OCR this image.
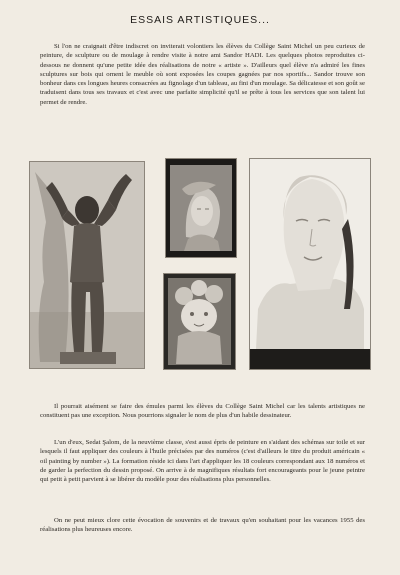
ESSAIS ARTISTIQUES...

Si l'on ne craignait d'être indiscret on inviterait volontiers les élèves du Collège Saint Michel un peu curieux de peinture, de sculpture ou de moulage à rendre visite à notre ami Sandor HADI. Les quelques photos reproduites ci-dessous ne donnent qu'une petite idée des réalisations de notre « artiste ». D'ailleurs quel élève n'a admiré les fines sculptures sur bois qui ornent le meuble où sont exposées les coupes gagnées par nos sportifs... Sandor trouve son bonheur dans ces longues heures consacrées au fignolage d'un tableau, au fini d'un moulage. Sa délicatesse et son goût se traduisent dans tous ses travaux et c'est avec une parfaite simplicité qu'il se prête à tous les services que son talent lui permet de rendre.

Il pourrait aisément se faire des émules parmi les élèves du Collège Saint Michel car les talents artistiques ne constituent pas une exception. Nous pourrions signaler le nom de plus d'un habile dessinateur.

L'un d'eux, Sedat Şalom, de la neuvième classe, s'est aussi épris de peinture en s'aidant des schémas sur toile et sur lesquels il faut appliquer des couleurs à l'huile précisées par des numéros (c'est d'ailleurs le titre du produit américain « oil painting by number »). La formation réside ici dans l'art d'appliquer les 18 couleurs correspondant aux 18 numéros et de garder la perfection du dessin proposé. On arrive à de magnifiques résultats fort encourageants pour le jeune peintre qui petit à petit parvient à se libérer du modèle pour des réalisations plus personnelles.

On ne peut mieux clore cette évocation de souvenirs et de travaux qu'en souhaitant pour les vacances 1955 des réalisations plus heureuses encore.
